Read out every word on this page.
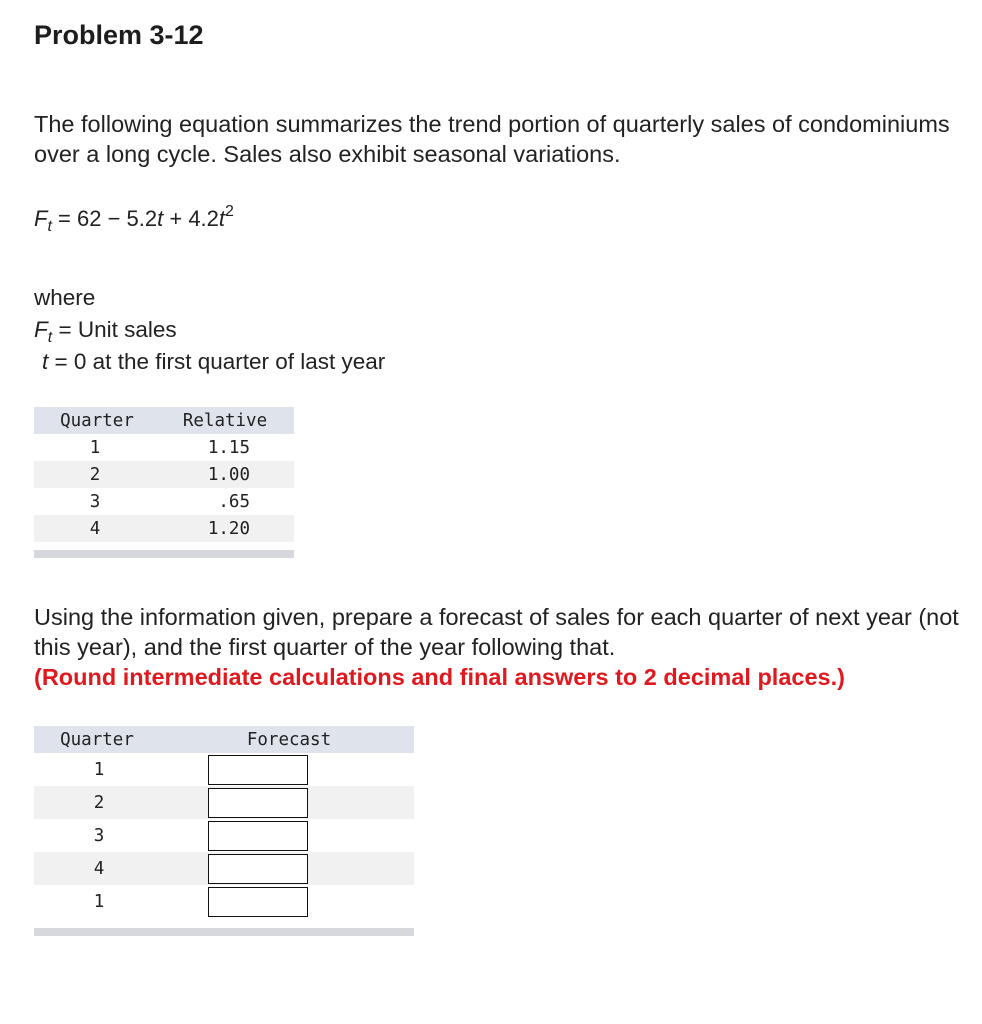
Problem 3-12
The following equation summarizes the trend portion of quarterly sales of condominiums over a long cycle. Sales also exhibit seasonal variations.
$F_t = 62 - 5.2t + 4.2t^2$
where
$F_t$ = Unit sales
t = 0 at the first quarter of last year
Quarter	Relative
1	1.15
2	1.00
3	.65
4	1.20
Using the information given, prepare a forecast of sales for each quarter of next year (not this year), and the first quarter of the year following that.
(Round intermediate calculations and final answers to 2 decimal places.)
Quarter	Forecast
1
2
3
4
1
